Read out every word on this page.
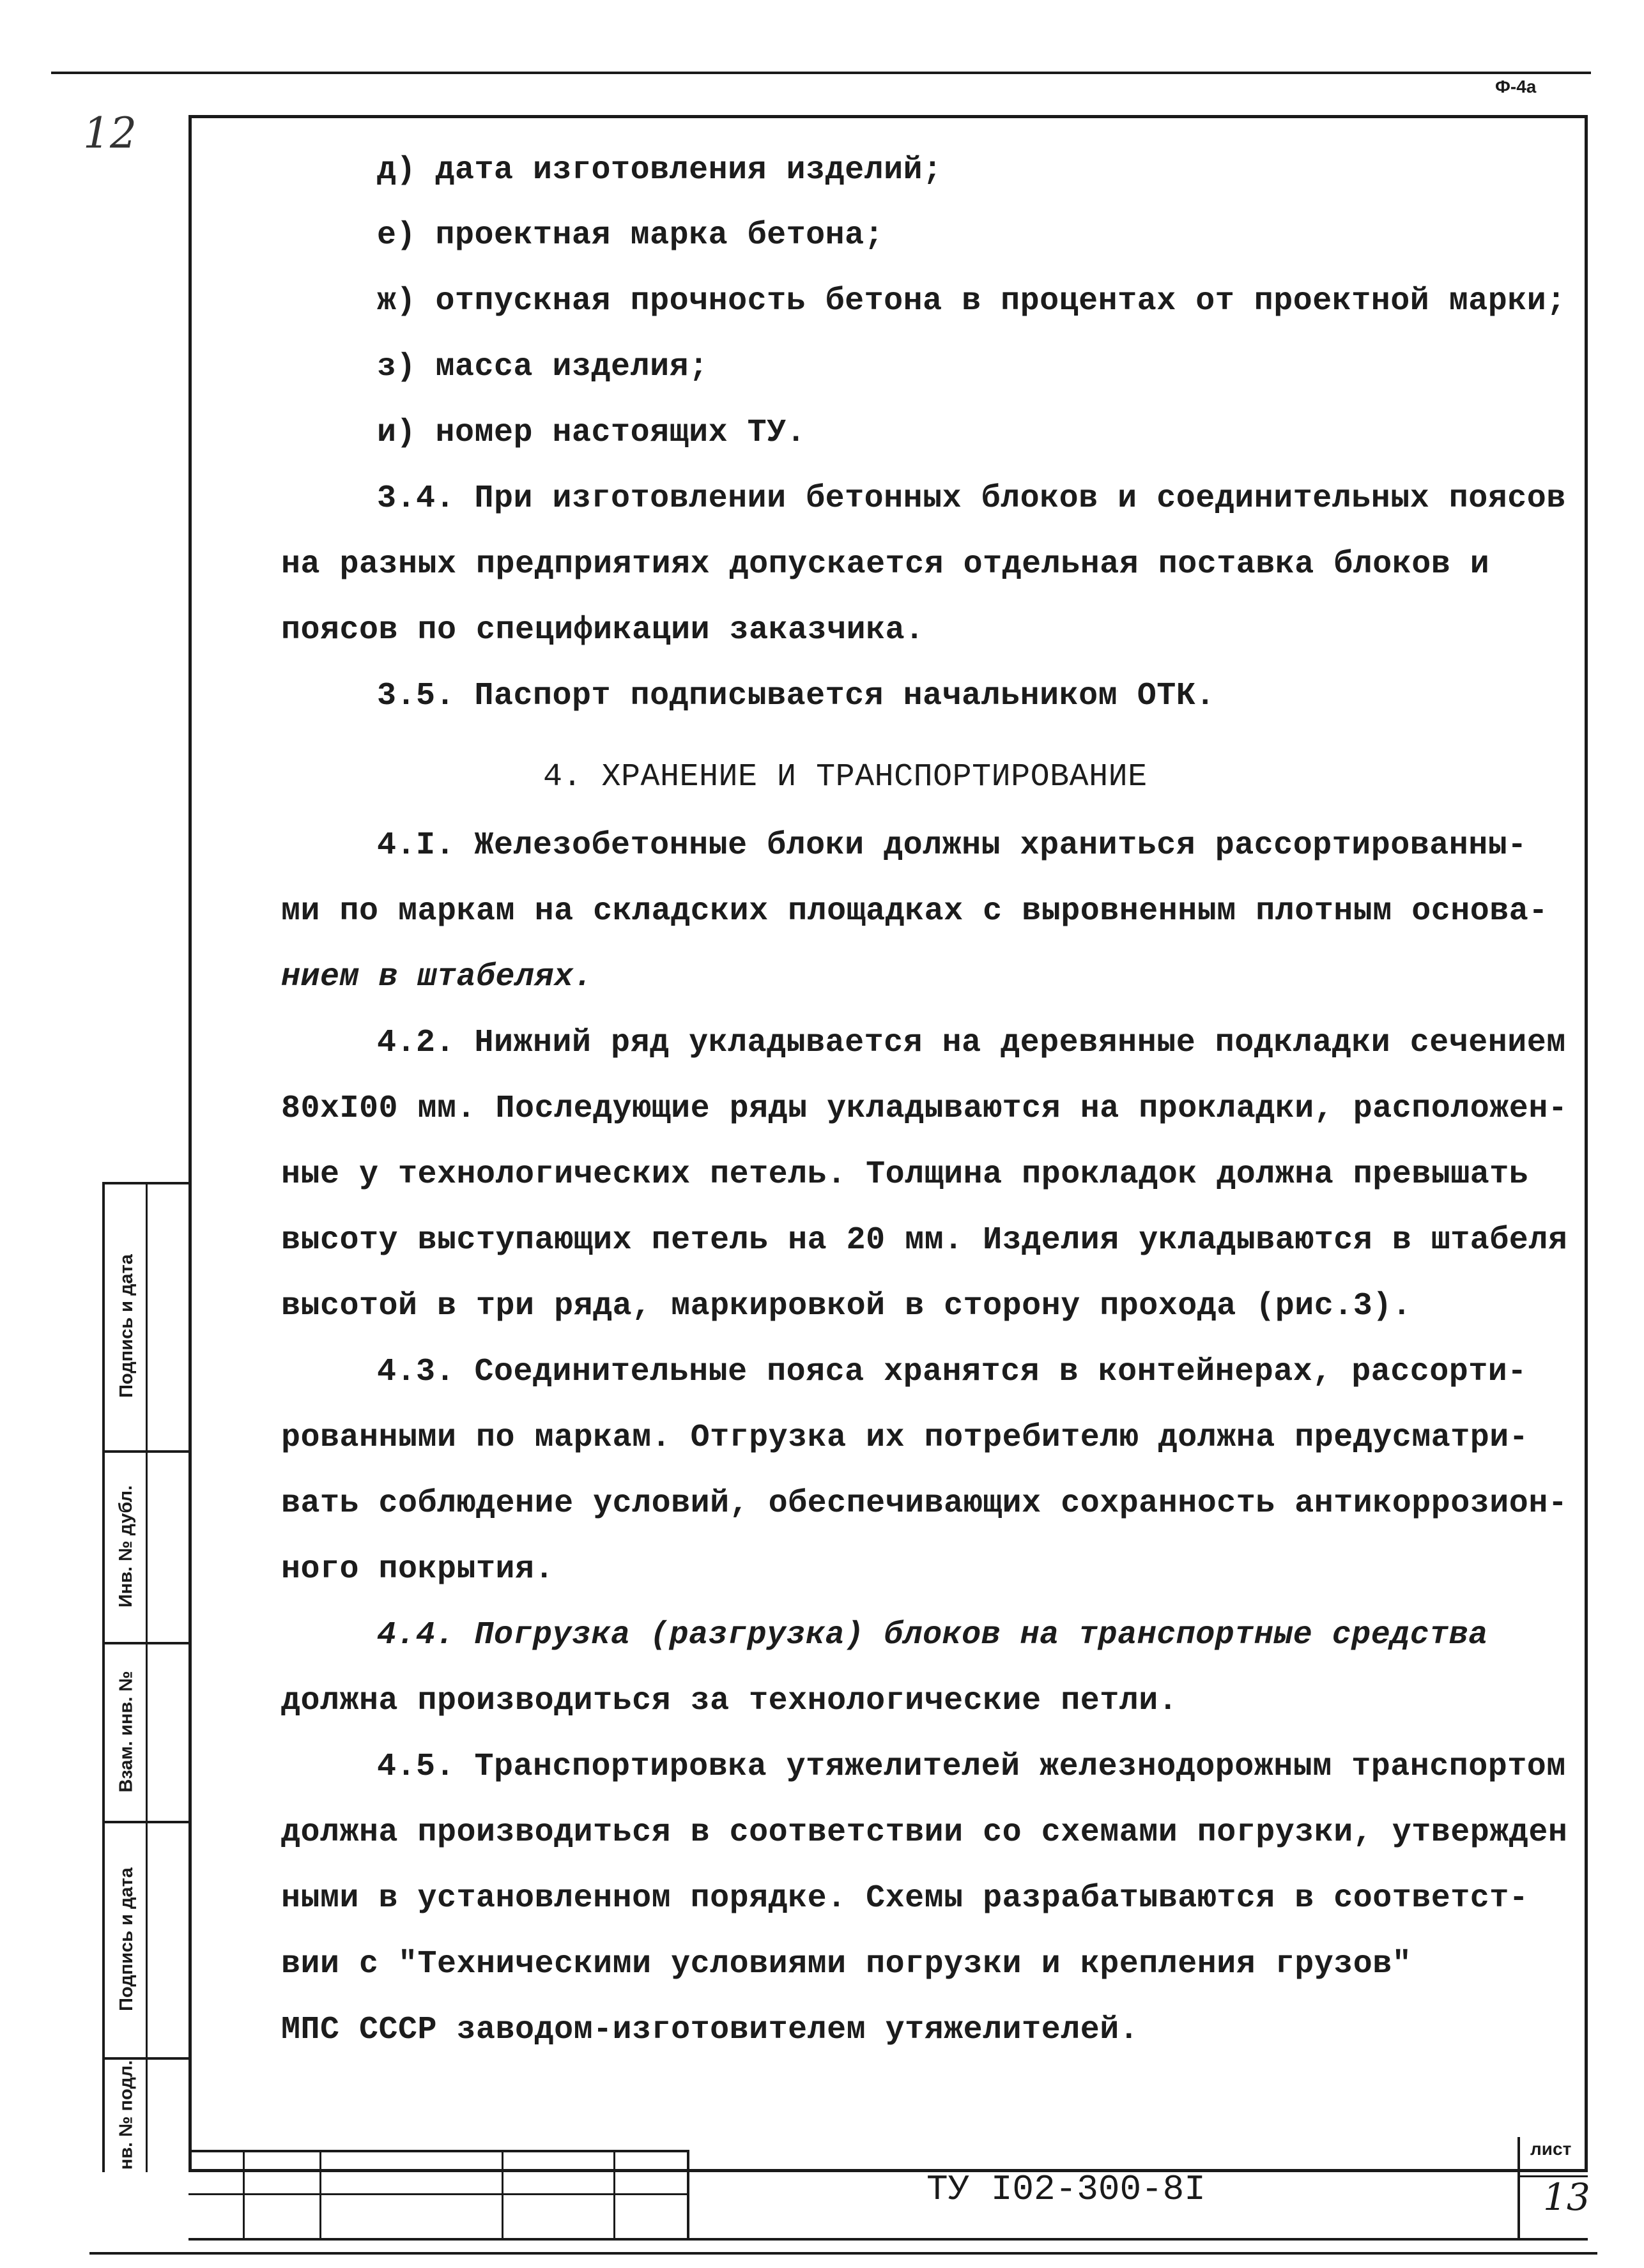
12
Ф-4а
д) дата изготовления изделий;
е) проектная марка бетона;
ж) отпускная прочность бетона в процентах от проектной марки;
з) масса изделия;
и) номер настоящих ТУ.
3.4. При изготовлении бетонных блоков и соединительных поясов
на разных предприятиях допускается отдельная поставка блоков и
поясов по спецификации заказчика.
3.5. Паспорт подписывается начальником ОТК.
4. ХРАНЕНИЕ И ТРАНСПОРТИРОВАНИЕ
4.I. Железобетонные блоки должны храниться рассортированны-
ми по маркам на складских площадках с выровненным плотным основа-
нием в штабелях.
4.2. Нижний ряд укладывается на деревянные подкладки сечением
80xI00 мм. Последующие ряды укладываются на прокладки, расположен-
ные у технологических петель. Толщина прокладок должна превышать
высоту выступающих петель на 20 мм. Изделия укладываются в штабеля
высотой в три ряда, маркировкой в сторону прохода (рис.3).
4.3. Соединительные пояса хранятся в контейнерах, рассорти-
рованными по маркам. Отгрузка их потребителю должна предусматри-
вать соблюдение условий, обеспечивающих сохранность антикоррозион-
ного покрытия.
4.4. Погрузка (разгрузка) блоков на транспортные средства
должна производиться за технологические петли.
4.5. Транспортировка утяжелителей железнодорожным транспортом
должна производиться в соответствии со схемами погрузки, утвержден
ными в установленном порядке. Схемы разрабатываются в соответст-
вии с "Техническими условиями погрузки и крепления грузов"
МПС СССР заводом-изготовителем утяжелителей.
Подпись и дата
Инв. № дубл.
Взам. инв. №
Подпись и дата
нв. № подл.
ТУ I02-300-8I
лист
13
